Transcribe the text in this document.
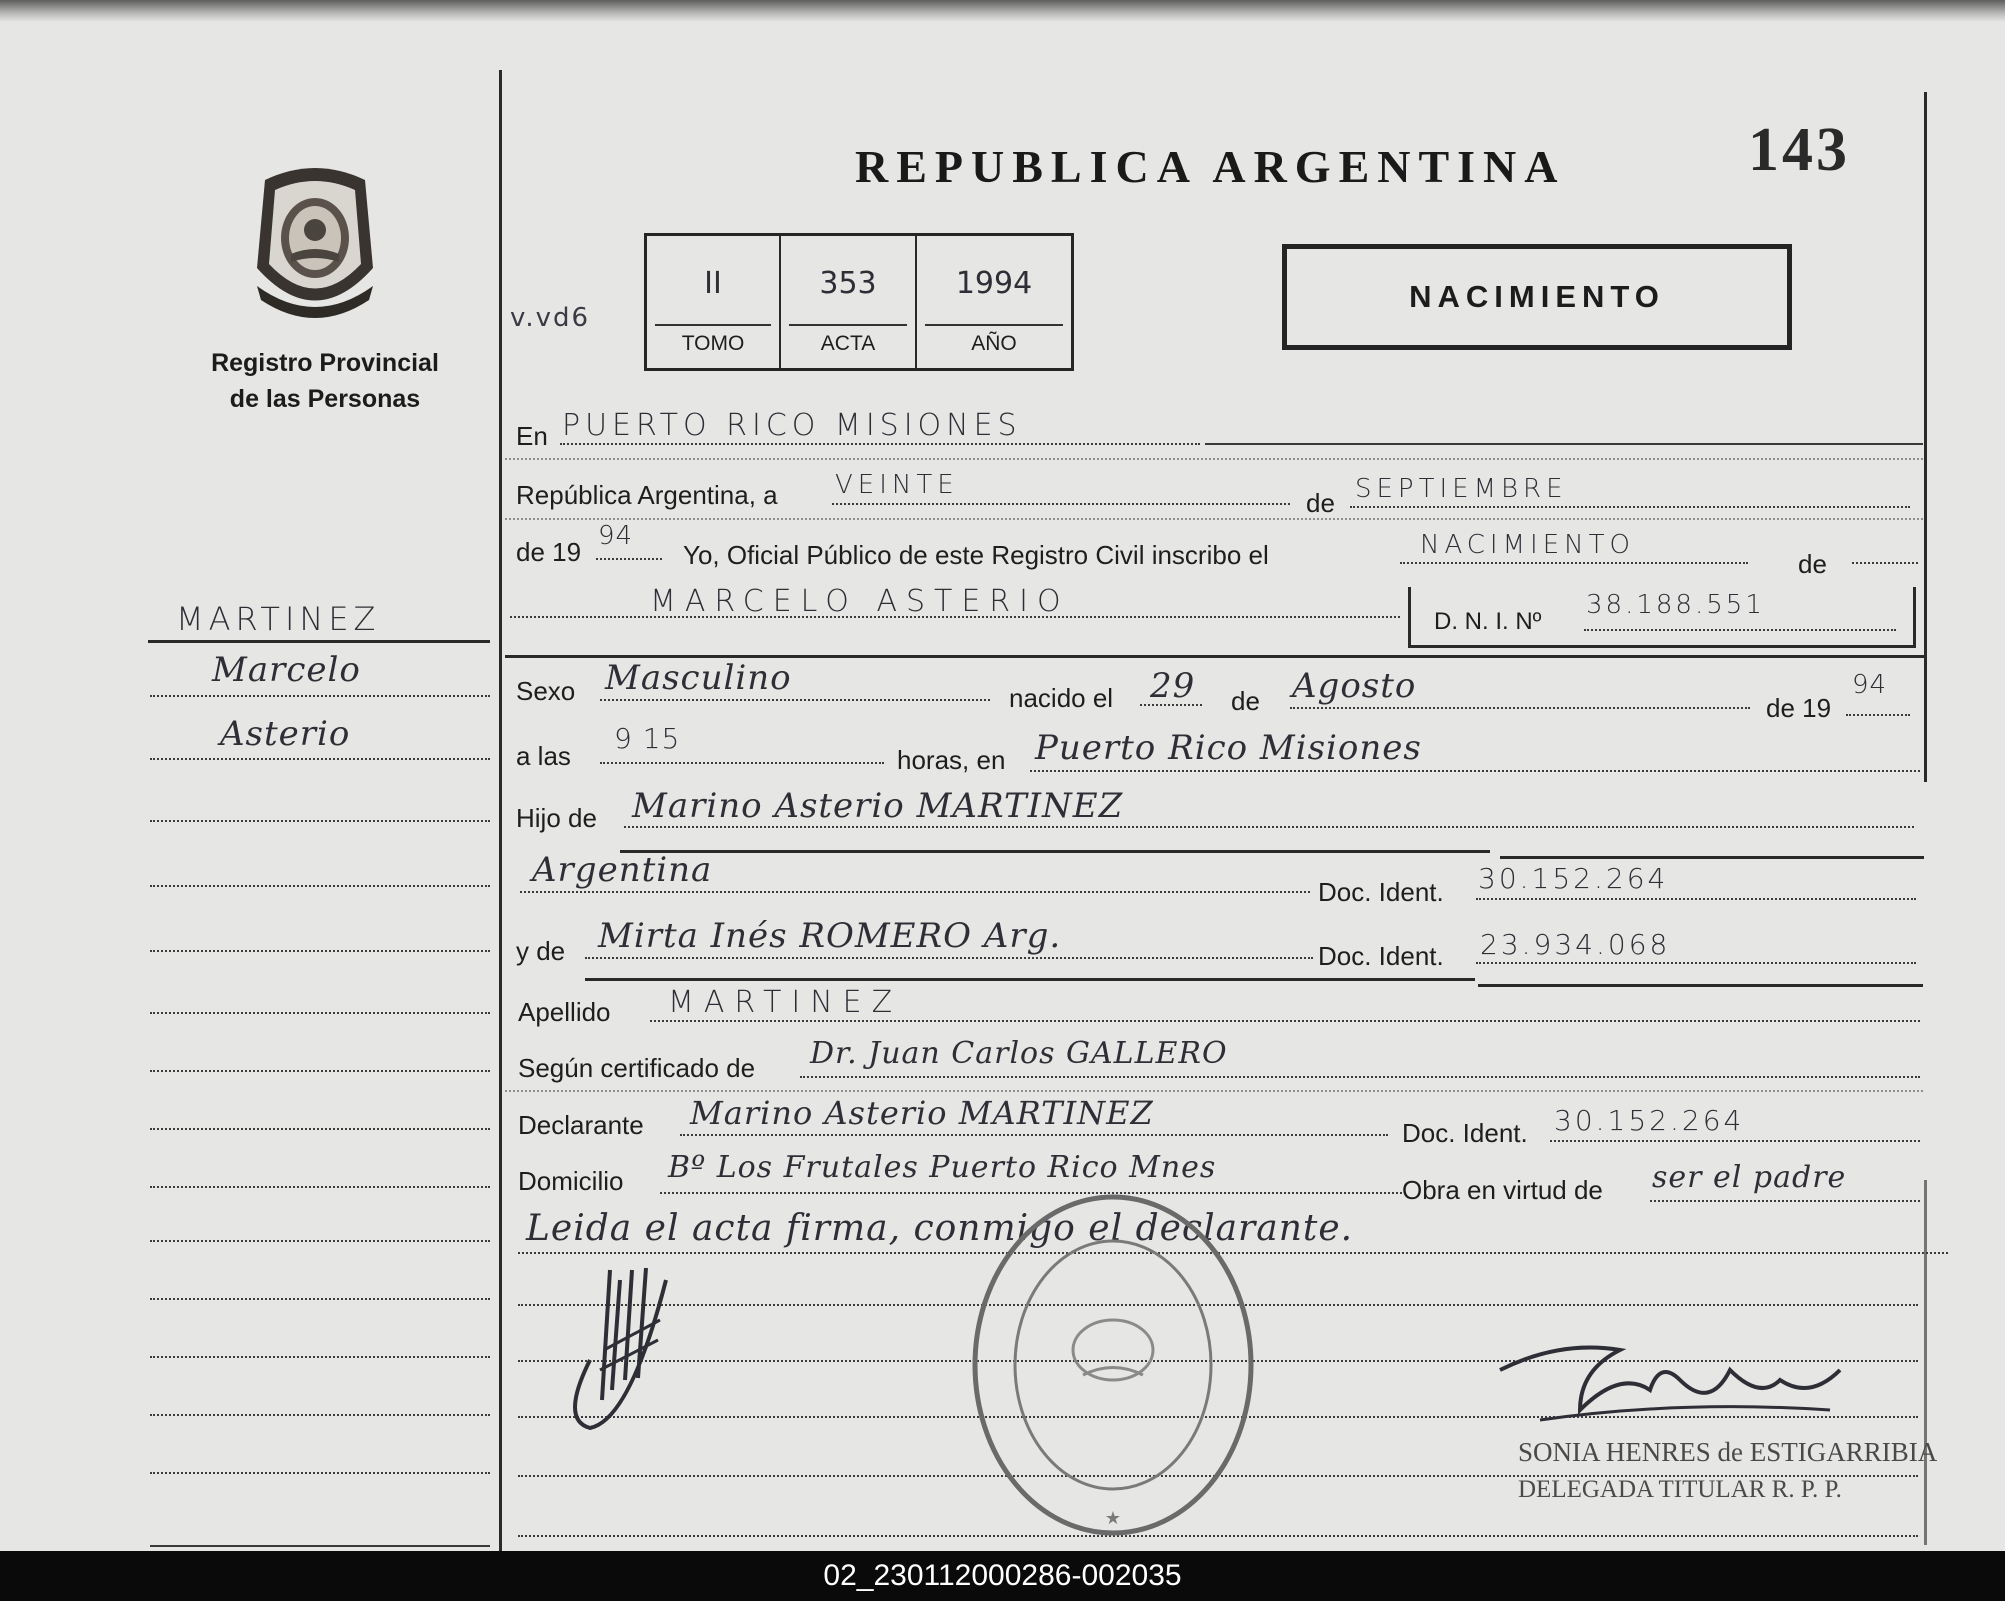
Registro Provincial
de las Personas
REPUBLICA ARGENTINA	143
v.vd6
II
TOMO
353
ACTA
1994
AÑO
NACIMIENTO
MARTINEZ
Marcelo
Asterio
En PUERTO RICO MISIONES
República Argentina, a VEINTE
de SEPTIEMBRE
de 19
94
Yo, Oficial Público de este Registro Civil inscribo el	NACIMIENTO
de
MARCELO ASTERIO
D. N. I. Nº
38.188.551
Sexo Masculino	nacido el 29 de Agosto
de 19
94
a las
9 15
horas, en Puerto Rico Misiones
Hijo de Marino Asterio MARTINEZ
Argentina
Doc. Ident. 30.152.264
y de Mirta Inés ROMERO Arg.	Doc. Ident. 23.934.068
Apellido MARTINEZ
Según certificado de Dr. Juan Carlos GALLERO
Declarante Marino Asterio MARTINEZ
Doc. Ident. 30.152.264
Domicilio Bº Los Frutales Puerto Rico Mnes
Obra en virtud de ser el padre
Leida el acta firma, conmigo el declarante.
★
SONIA HENRES de ESTIGARRIBIA
DELEGADA TITULAR R. P. P.
02_230112000286-002035
